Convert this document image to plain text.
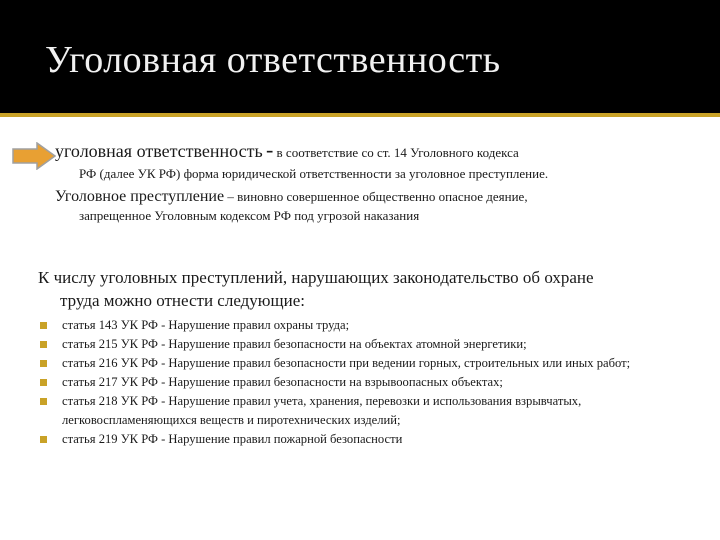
Уголовная ответственность
уголовная ответственность - в соответствие со ст. 14 Уголовного кодекса
РФ (далее УК РФ) форма юридической ответственности за уголовное преступление.
Уголовное преступление – виновно совершенное общественно опасное деяние,
запрещенное Уголовным кодексом РФ под угрозой наказания
К числу уголовных преступлений, нарушающих законодательство об охране
труда можно отнести следующие:
статья 143 УК РФ - Нарушение правил охраны труда;
статья 215 УК РФ - Нарушение правил безопасности на объектах атомной энергетики;
статья 216 УК РФ - Нарушение правил безопасности при ведении горных, строительных или иных работ;
статья 217 УК РФ - Нарушение правил безопасности на взрывоопасных объектах;
статья 218 УК РФ - Нарушение правил учета, хранения, перевозки и использования взрывчатых, легковоспламеняющихся веществ и пиротехнических изделий;
статья 219 УК РФ - Нарушение правил пожарной безопасности
